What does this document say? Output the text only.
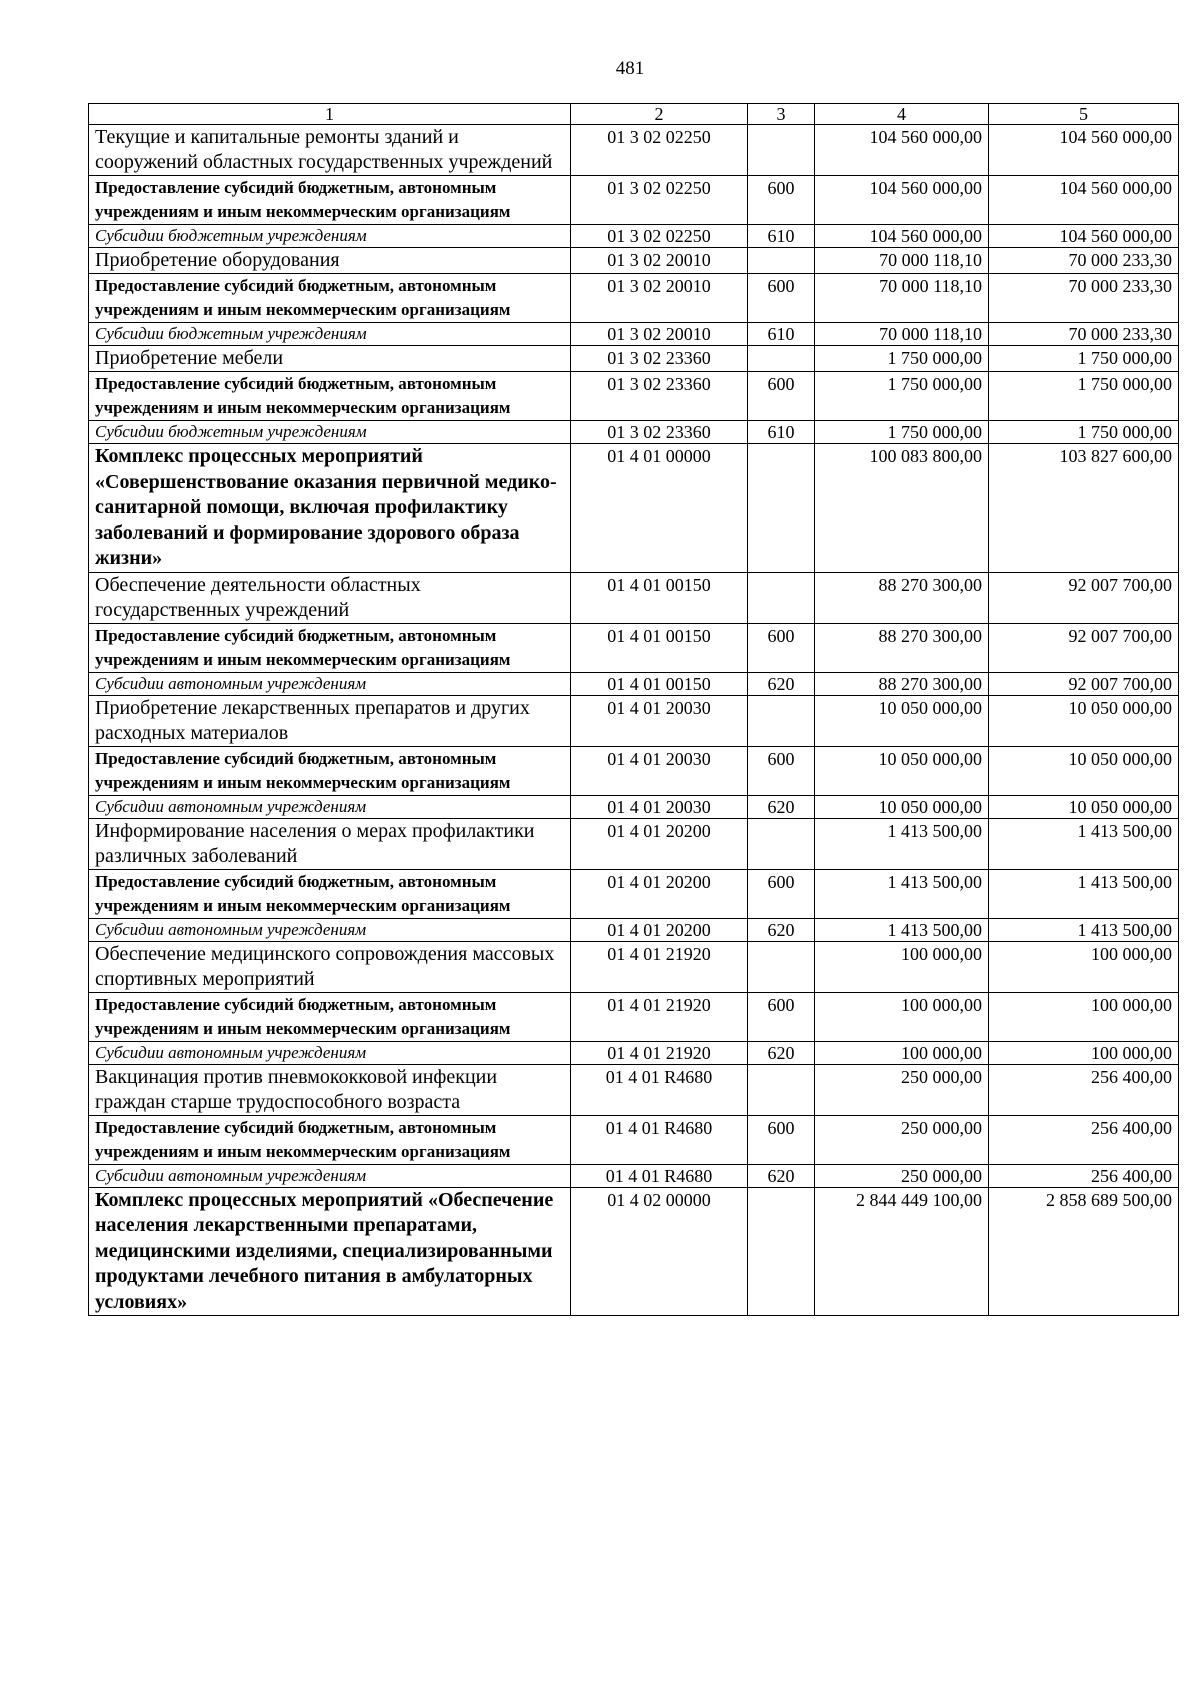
481
1	2	3	4	5
Текущие и капитальные ремонты зданий и сооружений областных государственных учреждений	01 3 02 02250		104 560 000,00	104 560 000,00
Предоставление субсидий бюджетным, автономным учреждениям и иным некоммерческим организациям	01 3 02 02250	600	104 560 000,00	104 560 000,00
Субсидии бюджетным учреждениям	01 3 02 02250	610	104 560 000,00	104 560 000,00
Приобретение оборудования	01 3 02 20010		70 000 118,10	70 000 233,30
Предоставление субсидий бюджетным, автономным учреждениям и иным некоммерческим организациям	01 3 02 20010	600	70 000 118,10	70 000 233,30
Субсидии бюджетным учреждениям	01 3 02 20010	610	70 000 118,10	70 000 233,30
Приобретение мебели	01 3 02 23360		1 750 000,00	1 750 000,00
Предоставление субсидий бюджетным, автономным учреждениям и иным некоммерческим организациям	01 3 02 23360	600	1 750 000,00	1 750 000,00
Субсидии бюджетным учреждениям	01 3 02 23360	610	1 750 000,00	1 750 000,00
Комплекс процессных мероприятий «Совершенствование оказания первичной медико-санитарной помощи, включая профилактику заболеваний и формирование здорового образа жизни»	01 4 01 00000		100 083 800,00	103 827 600,00
Обеспечение деятельности областных государственных учреждений	01 4 01 00150		88 270 300,00	92 007 700,00
Предоставление субсидий бюджетным, автономным учреждениям и иным некоммерческим организациям	01 4 01 00150	600	88 270 300,00	92 007 700,00
Субсидии автономным учреждениям	01 4 01 00150	620	88 270 300,00	92 007 700,00
Приобретение лекарственных препаратов и других расходных материалов	01 4 01 20030		10 050 000,00	10 050 000,00
Предоставление субсидий бюджетным, автономным учреждениям и иным некоммерческим организациям	01 4 01 20030	600	10 050 000,00	10 050 000,00
Субсидии автономным учреждениям	01 4 01 20030	620	10 050 000,00	10 050 000,00
Информирование населения о мерах профилактики различных заболеваний	01 4 01 20200		1 413 500,00	1 413 500,00
Предоставление субсидий бюджетным, автономным учреждениям и иным некоммерческим организациям	01 4 01 20200	600	1 413 500,00	1 413 500,00
Субсидии автономным учреждениям	01 4 01 20200	620	1 413 500,00	1 413 500,00
Обеспечение медицинского сопровождения массовых спортивных мероприятий	01 4 01 21920		100 000,00	100 000,00
Предоставление субсидий бюджетным, автономным учреждениям и иным некоммерческим организациям	01 4 01 21920	600	100 000,00	100 000,00
Субсидии автономным учреждениям	01 4 01 21920	620	100 000,00	100 000,00
Вакцинация против пневмококковой инфекции граждан старше трудоспособного возраста	01 4 01 R4680		250 000,00	256 400,00
Предоставление субсидий бюджетным, автономным учреждениям и иным некоммерческим организациям	01 4 01 R4680	600	250 000,00	256 400,00
Субсидии автономным учреждениям	01 4 01 R4680	620	250 000,00	256 400,00
Комплекс процессных мероприятий «Обеспечение населения лекарственными препаратами, медицинскими изделиями, специализированными продуктами лечебного питания в амбулаторных условиях»	01 4 02 00000		2 844 449 100,00	2 858 689 500,00
